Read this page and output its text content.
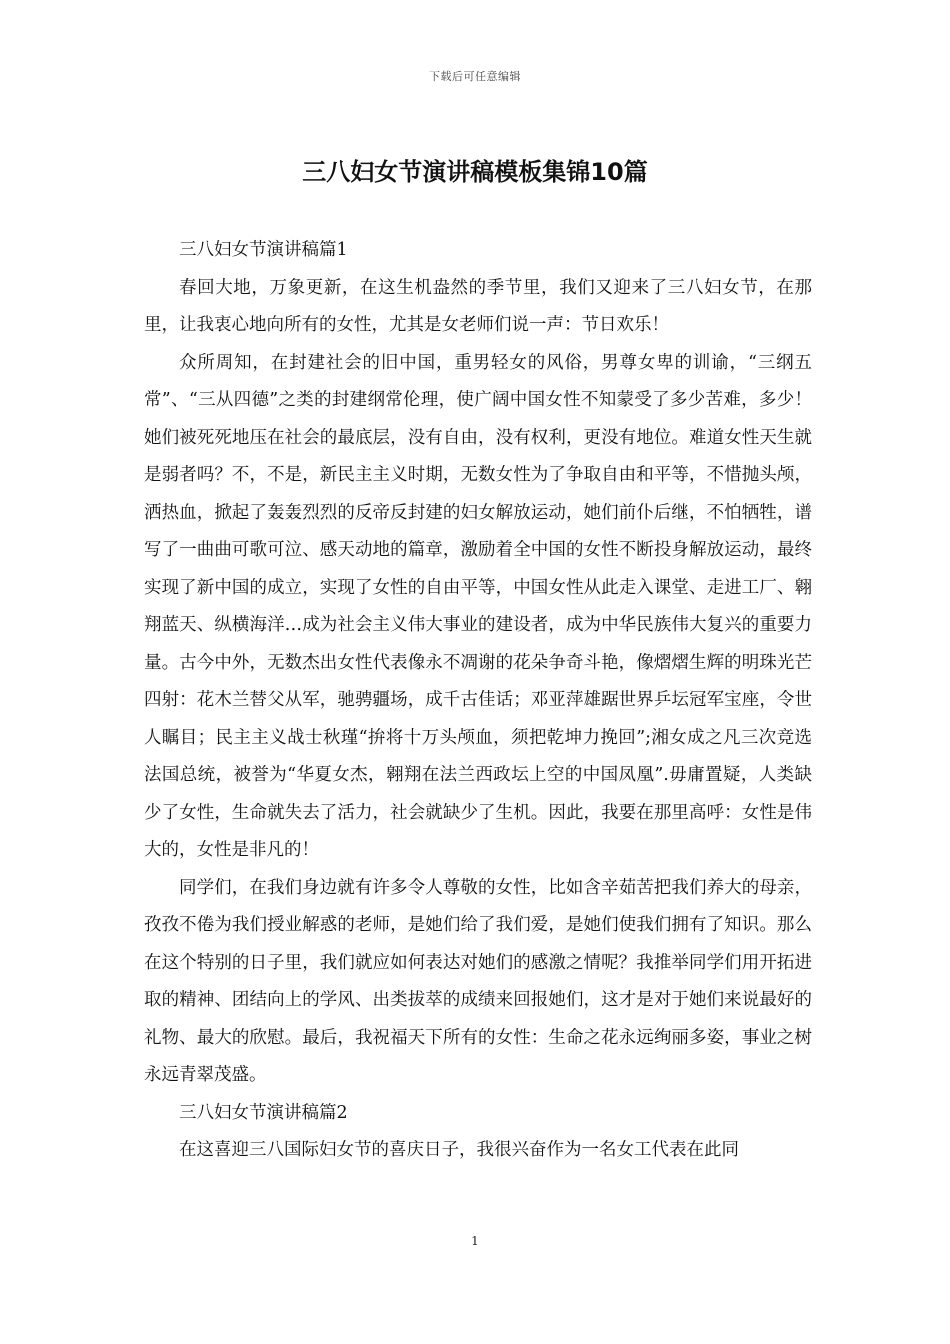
下载后可任意编辑
三八妇女节演讲稿模板集锦10篇

三八妇女节演讲稿篇1

春回大地，万象更新，在这生机盎然的季节里，我们又迎来了三八妇女节，在那里，让我衷心地向所有的女性，尤其是女老师们说一声：节日欢乐！

众所周知，在封建社会的旧中国，重男轻女的风俗，男尊女卑的训谕，“三纲五常”、“三从四德”之类的封建纲常伦理，使广阔中国女性不知蒙受了多少苦难，多少！她们被死死地压在社会的最底层，没有自由，没有权利，更没有地位。难道女性天生就是弱者吗？不，不是，新民主主义时期，无数女性为了争取自由和平等，不惜抛头颅，洒热血，掀起了轰轰烈烈的反帝反封建的妇女解放运动，她们前仆后继，不怕牺牲，谱写了一曲曲可歌可泣、感天动地的篇章，激励着全中国的女性不断投身解放运动，最终实现了新中国的成立，实现了女性的自由平等，中国女性从此走入课堂、走进工厂、翱翔蓝天、纵横海洋…成为社会主义伟大事业的建设者，成为中华民族伟大复兴的重要力量。古今中外，无数杰出女性代表像永不凋谢的花朵争奇斗艳，像熠熠生辉的明珠光芒四射：花木兰替父从军，驰骋疆场，成千古佳话；邓亚萍雄踞世界乒坛冠军宝座，令世人瞩目；民主主义战士秋瑾“拚将十万头颅血，须把乾坤力挽回”;湘女成之凡三次竞选法国总统，被誉为“华夏女杰，翱翔在法兰西政坛上空的中国凤凰”.毋庸置疑，人类缺少了女性，生命就失去了活力，社会就缺少了生机。因此，我要在那里高呼：女性是伟大的，女性是非凡的！

同学们，在我们身边就有许多令人尊敬的女性，比如含辛茹苦把我们养大的母亲，孜孜不倦为我们授业解惑的老师，是她们给了我们爱，是她们使我们拥有了知识。那么在这个特别的日子里，我们就应如何表达对她们的感激之情呢？我推举同学们用开拓进取的精神、团结向上的学风、出类拔萃的成绩来回报她们，这才是对于她们来说最好的礼物、最大的欣慰。最后，我祝福天下所有的女性：生命之花永远绚丽多姿，事业之树永远青翠茂盛。

三八妇女节演讲稿篇2

在这喜迎三八国际妇女节的喜庆日子，我很兴奋作为一名女工代表在此同

1
